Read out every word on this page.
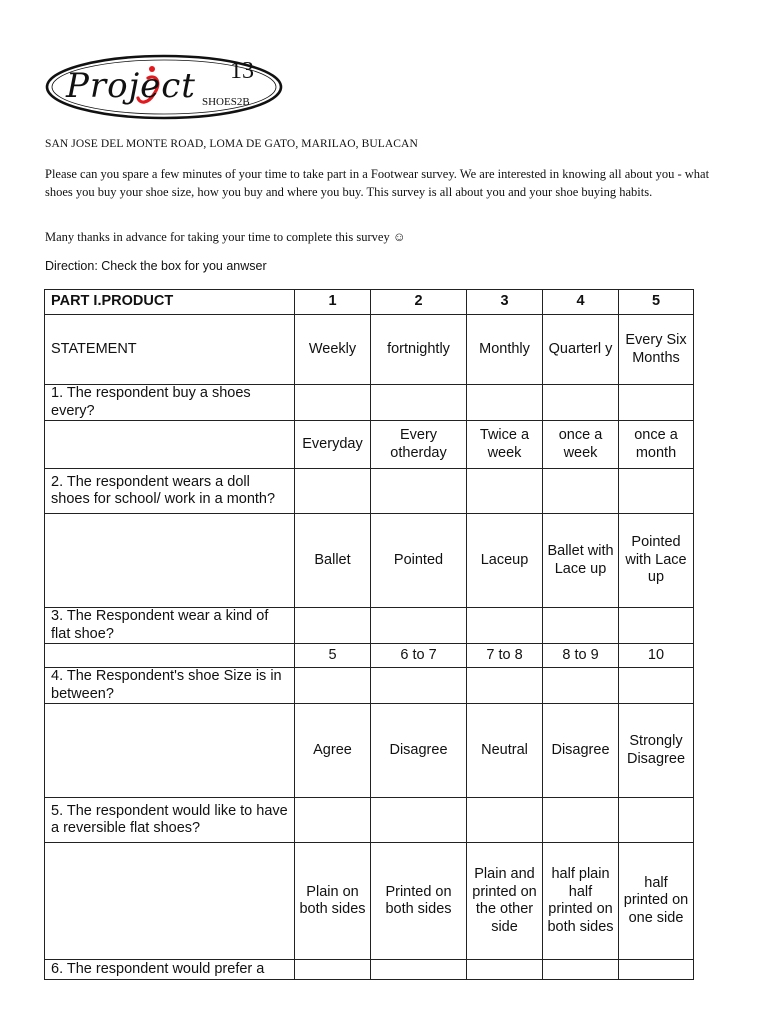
Project 13
SHOES2B
SAN JOSE DEL MONTE ROAD, LOMA DE GATO, MARILAO, BULACAN
Please can you spare a few minutes of your time to take part in a Footwear survey. We are interested in knowing all about you - what shoes you buy your shoe size, how you buy and where you buy. This survey is all about you and your shoe buying habits.
Many thanks in advance for taking your time to complete this survey ☺
Direction: Check the box for you anwser
PART I.PRODUCT	1	2	3	4	5
STATEMENT	Weekly	fortnightly	Monthly	Quarterl y	Every Six Months
1. The respondent buy a shoes every?					
	Everyday	Every otherday	Twice a week	once a week	once a month
2. The respondent wears a doll shoes for school/ work in a month?					
	Ballet	Pointed	Laceup	Ballet with Lace up	Pointed with Lace up
3. The Respondent wear a kind of flat shoe?					
	5	6 to 7	7 to 8	8 to 9	10
4. The Respondent's shoe Size is in between?					
	Agree	Disagree	Neutral	Disagree	Strongly Disagree
5. The respondent would like to have a reversible flat shoes?					
	Plain on both sides	Printed on both sides	Plain and printed on the other side	half plain half printed on both sides	half printed on one side
6. The respondent would prefer a					
